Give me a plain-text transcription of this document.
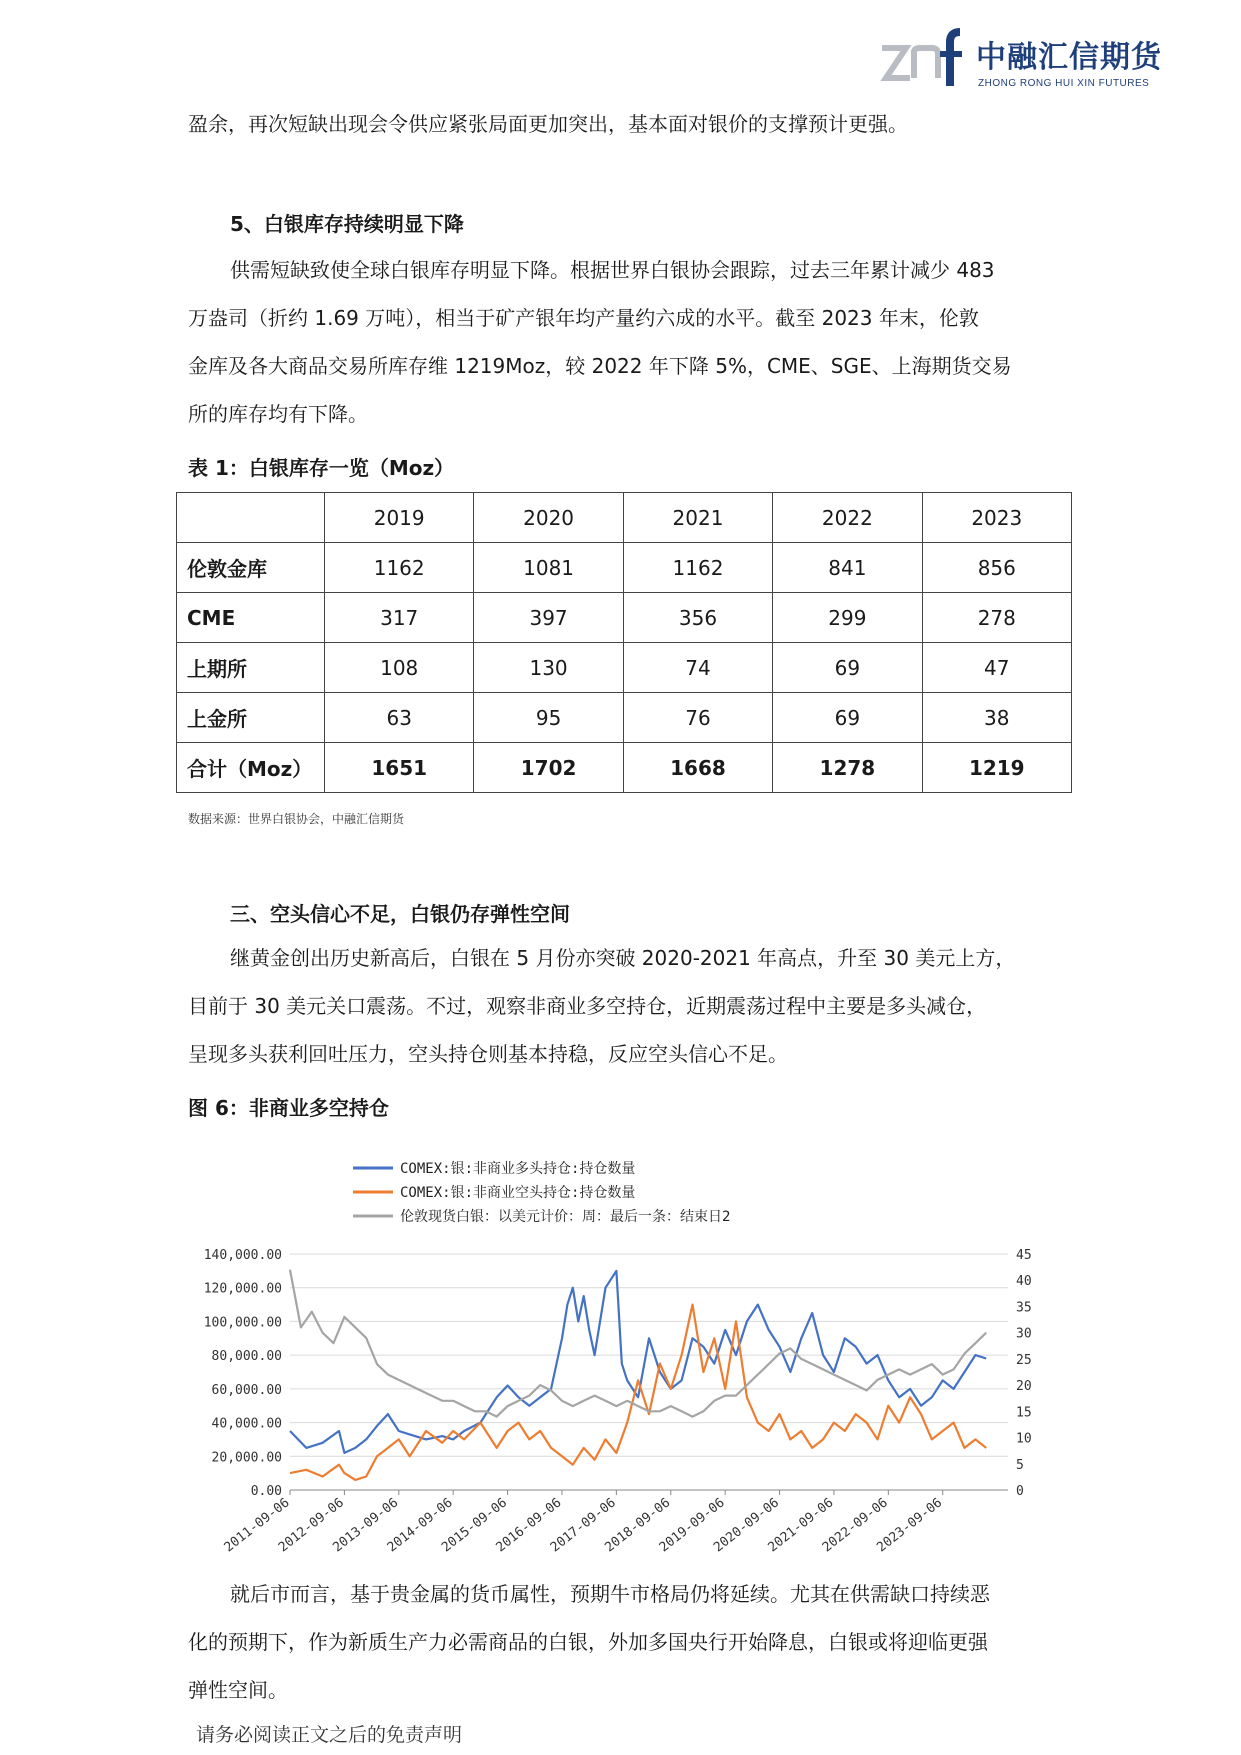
中融汇信期货
ZHONG RONG HUI XIN FUTURES
盈余，再次短缺出现会令供应紧张局面更加突出，基本面对银价的支撑预计更强。
5、白银库存持续明显下降
供需短缺致使全球白银库存明显下降。根据世界白银协会跟踪，过去三年累计减少 483
万盎司（折约 1.69 万吨），相当于矿产银年均产量约六成的水平。截至 2023 年末，伦敦
金库及各大商品交易所库存维 1219Moz，较 2022 年下降 5%，CME、SGE、上海期货交易
所的库存均有下降。
表 1：白银库存一览（Moz）
	2019	2020	2021	2022	2023
伦敦金库	1162	1081	1162	841	856
CME	317	397	356	299	278
上期所	108	130	74	69	47
上金所	63	95	76	69	38
合计（Moz）	1651	1702	1668	1278	1219
数据来源：世界白银协会，中融汇信期货
三、空头信心不足，白银仍存弹性空间
继黄金创出历史新高后，白银在 5 月份亦突破 2020-2021 年高点，升至 30 美元上方，
目前于 30 美元关口震荡。不过，观察非商业多空持仓，近期震荡过程中主要是多头减仓，
呈现多头获利回吐压力，空头持仓则基本持稳，反应空头信心不足。
图 6：非商业多空持仓
COMEX:银:非商业多头持仓:持仓数量
COMEX:银:非商业空头持仓:持仓数量
伦敦现货白银：以美元计价：周：最后一条：结束日2
0.00
20,000.00
40,000.00
60,000.00
80,000.00
100,000.00
120,000.00
140,000.00
0
5
10
15
20
25
30
35
40
45
2011-09-06
2012-09-06
2013-09-06
2014-09-06
2015-09-06
2016-09-06
2017-09-06
2018-09-06
2019-09-06
2020-09-06
2021-09-06
2022-09-06
2023-09-06
就后市而言，基于贵金属的货币属性，预期牛市格局仍将延续。尤其在供需缺口持续恶
化的预期下，作为新质生产力必需商品的白银，外加多国央行开始降息，白银或将迎临更强
弹性空间。
请务必阅读正文之后的免责声明
